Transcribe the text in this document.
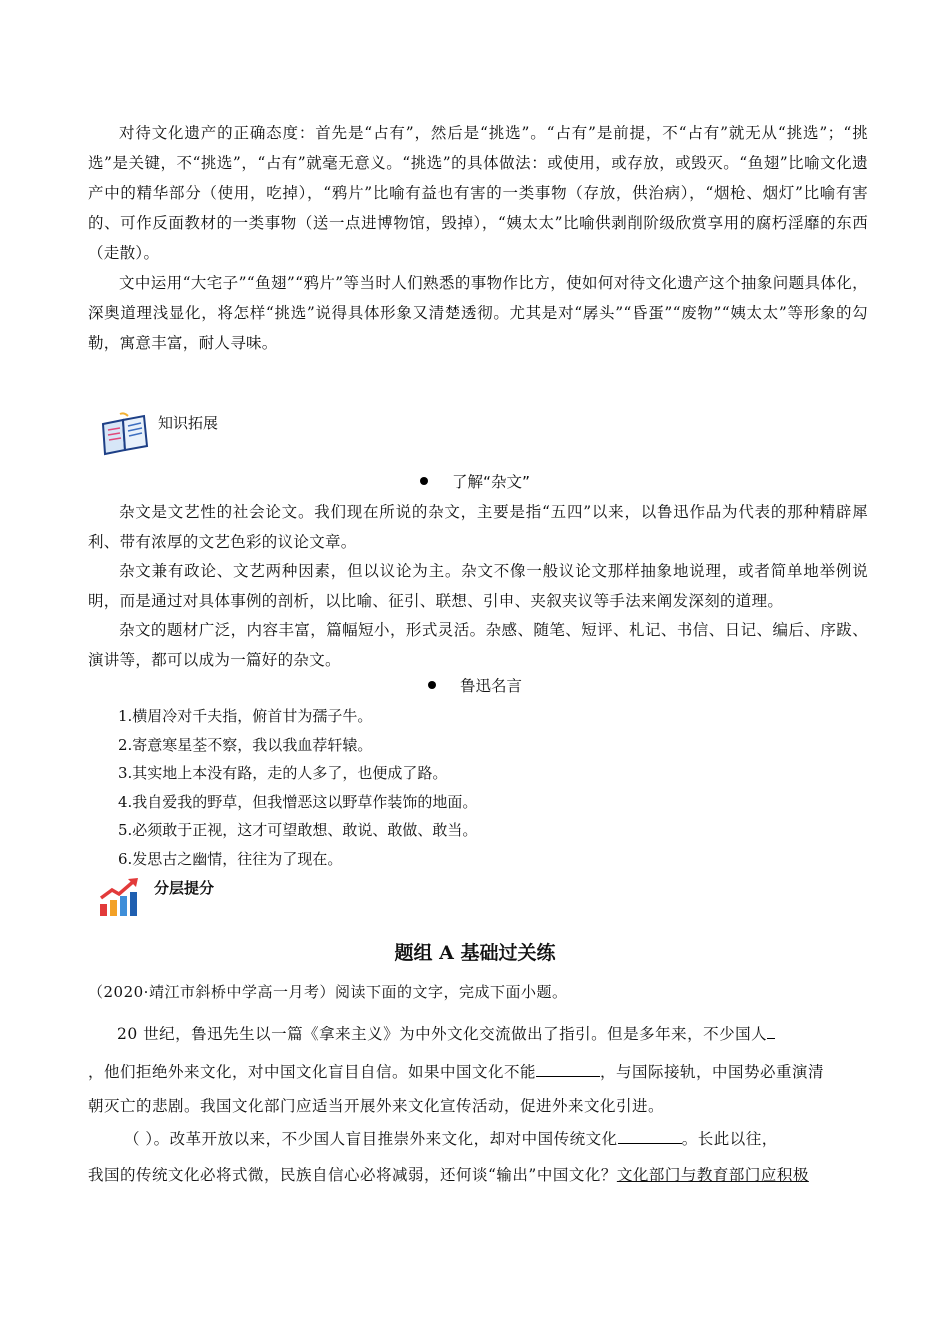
对待文化遗产的正确态度：首先是“占有”，然后是“挑选”。“占有”是前提，不“占有”就无从“挑选”；“挑选”是关键，不“挑选”，“占有”就毫无意义。“挑选”的具体做法：或使用，或存放，或毁灭。“鱼翅”比喻文化遗产中的精华部分（使用，吃掉），“鸦片”比喻有益也有害的一类事物（存放，供治病），“烟枪、烟灯”比喻有害的、可作反面教材的一类事物（送一点进博物馆，毁掉），“姨太太”比喻供剥削阶级欣赏享用的腐朽淫靡的东西（走散）。

文中运用“大宅子”“鱼翅”“鸦片”等当时人们熟悉的事物作比方，使如何对待文化遗产这个抽象问题具体化，深奥道理浅显化，将怎样“挑选”说得具体形象又清楚透彻。尤其是对“孱头”“昏蛋”“废物”“姨太太”等形象的勾勒，寓意丰富，耐人寻味。

知识拓展
了解“杂文”

杂文是文艺性的社会论文。我们现在所说的杂文，主要是指“五四”以来，以鲁迅作品为代表的那种精辟犀利、带有浓厚的文艺色彩的议论文章。

杂文兼有政论、文艺两种因素，但以议论为主。杂文不像一般议论文那样抽象地说理，或者简单地举例说明，而是通过对具体事例的剖析，以比喻、征引、联想、引申、夹叙夹议等手法来阐发深刻的道理。

杂文的题材广泛，内容丰富，篇幅短小，形式灵活。杂感、随笔、短评、札记、书信、日记、编后、序跋、演讲等，都可以成为一篇好的杂文。

鲁迅名言
1.横眉冷对千夫指，俯首甘为孺子牛。
2.寄意寒星荃不察，我以我血荐轩辕。
3.其实地上本没有路，走的人多了，也便成了路。
4.我自爱我的野草，但我憎恶这以野草作装饰的地面。
5.必须敢于正视，这才可望敢想、敢说、敢做、敢当。
6.发思古之幽情，往往为了现在。
分层提分
题组 A 基础过关练
（2020·靖江市斜桥中学高一月考）阅读下面的文字，完成下面小题。
20 世纪，鲁迅先生以一篇《拿来主义》为中外文化交流做出了指引。但是多年来，不少国人
，他们拒绝外来文化，对中国文化盲目自信。如果中国文化不能	，与国际接轨，中国势必重演清
朝灭亡的悲剧。我国文化部门应适当开展外来文化宣传活动，促进外来文化引进。
（ ）。改革开放以来，不少国人盲目推崇外来文化，却对中国传统文化	。长此以往，
我国的传统文化必将式微，民族自信心必将减弱，还何谈“输出”中国文化？文化部门与教育部门应积极
